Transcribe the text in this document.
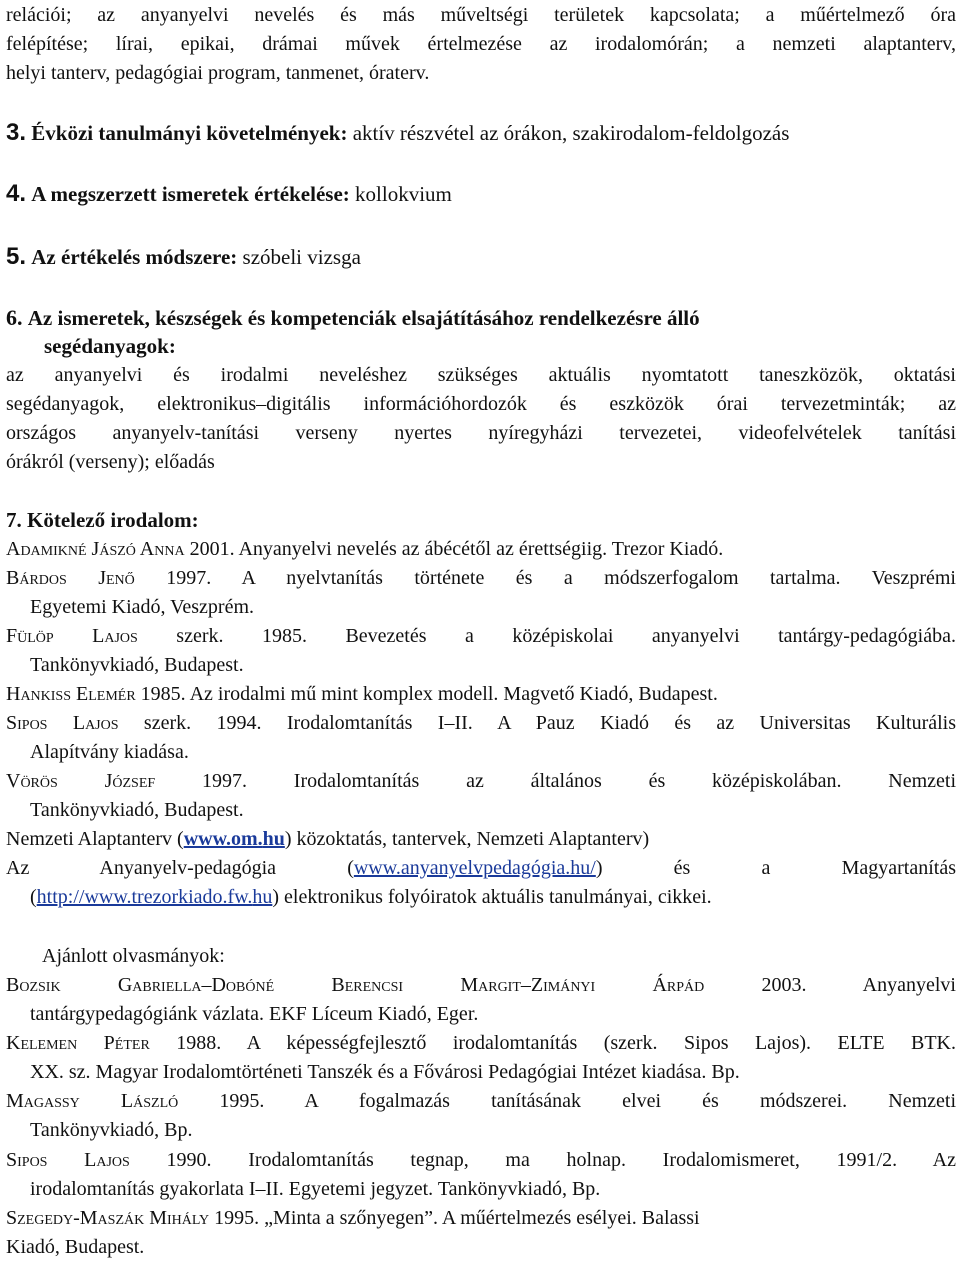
relációi; az anyanyelvi nevelés és más műveltségi területek kapcsolata; a műértelmező óra
felépítése; lírai, epikai, drámai művek értelmezése az irodalomórán; a nemzeti alaptanterv,
helyi tanterv, pedagógiai program, tanmenet, óraterv.
3. Évközi tanulmányi követelmények: aktív részvétel az órákon, szakirodalom-feldolgozás
4. A megszerzett ismeretek értékelése: kollokvium
5. Az értékelés módszere: szóbeli vizsga
6. Az ismeretek, készségek és kompetenciák elsajátításához rendelkezésre álló
segédanyagok:
az anyanyelvi és irodalmi neveléshez szükséges aktuális nyomtatott taneszközök, oktatási
segédanyagok, elektronikus–digitális információhordozók és eszközök órai tervezetminták; az
országos anyanyelv-tanítási verseny nyertes nyíregyházi tervezetei, videofelvételek tanítási
órákról (verseny); előadás
7. Kötelező irodalom:
Adamikné Jászó Anna 2001. Anyanyelvi nevelés az ábécétől az érettségiig. Trezor Kiadó.
Bárdos Jenő 1997. A nyelvtanítás története és a módszerfogalom tartalma. Veszprémi
Egyetemi Kiadó, Veszprém.
Fülöp Lajos szerk. 1985. Bevezetés a középiskolai anyanyelvi tantárgy-pedagógiába.
Tankönyvkiadó, Budapest.
Hankiss Elemér 1985. Az irodalmi mű mint komplex modell. Magvető Kiadó, Budapest.
Sipos Lajos szerk. 1994. Irodalomtanítás I–II. A Pauz Kiadó és az Universitas Kulturális
Alapítvány kiadása.
Vörös József 1997. Irodalomtanítás az általános és középiskolában. Nemzeti
Tankönyvkiadó, Budapest.
Nemzeti Alaptanterv (www.om.hu) közoktatás, tantervek, Nemzeti Alaptanterv)
Az Anyanyelv-pedagógia (www.anyanyelvpedagógia.hu/) és a Magyartanítás
(http://www.trezorkiado.fw.hu) elektronikus folyóiratok aktuális tanulmányai, cikkei.
Ajánlott olvasmányok:
Bozsik Gabriella–Dobóné Berencsi Margit–Zimányi Árpád 2003. Anyanyelvi
tantárgypedagógiánk vázlata. EKF Líceum Kiadó, Eger.
Kelemen Péter 1988. A képességfejlesztő irodalomtanítás (szerk. Sipos Lajos). ELTE BTK.
XX. sz. Magyar Irodalomtörténeti Tanszék és a Fővárosi Pedagógiai Intézet kiadása. Bp.
Magassy László 1995. A fogalmazás tanításának elvei és módszerei. Nemzeti
Tankönyvkiadó, Bp.
Sipos Lajos 1990. Irodalomtanítás tegnap, ma holnap. Irodalomismeret, 1991/2. Az
irodalomtanítás gyakorlata I–II. Egyetemi jegyzet. Tankönyvkiadó, Bp.
Szegedy-Maszák Mihály 1995. „Minta a szőnyegen”. A műértelmezés esélyei. Balassi
Kiadó, Budapest.
